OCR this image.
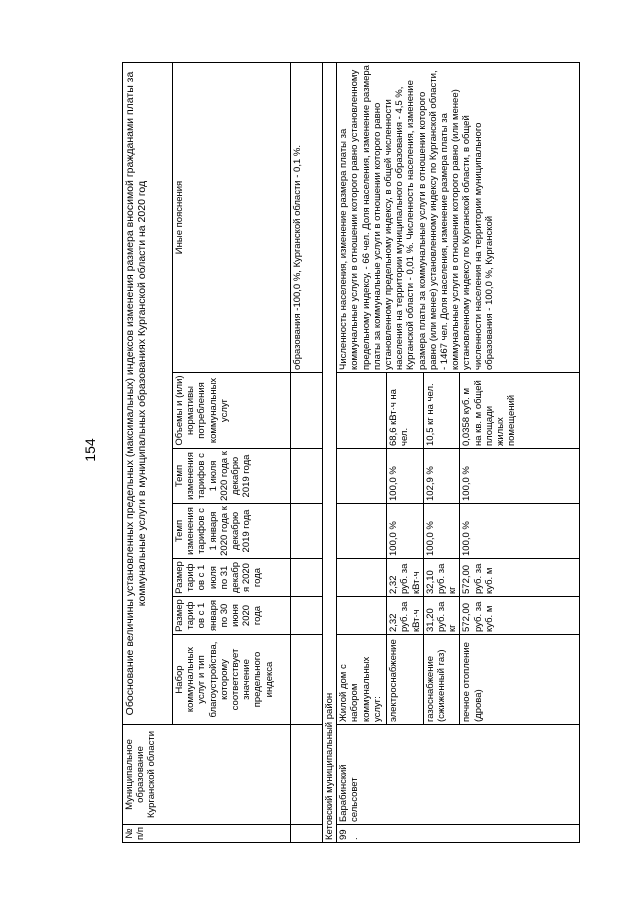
154
№ п/п	Муниципальное образование Курганской области	Обоснование величины установленных предельных (максимальных) индексов изменения размера вносимой гражданами платы за коммунальные услуги в муниципальных образованиях Курганской области на 2020 год						
		Набор коммунальных услуг и тип благоустройства, которому соответствует значение предельного индекса	Размер тарифов с 1 января по 30 июня 2020 года	Размер тарифов с 1 июля по 31 декабря 2020 года	Темп изменения тарифов с 1 января 2020 года к декабрю 2019 года	Темп изменения тарифов с 1 июля 2020 года к декабрю 2019 года	Объемы и (или) нормативы потребления коммунальных услуг	Иные пояснения
								образования -100,0 %, Курганской области - 0,1 %.
Кетовский муниципальный район								
99.	Барабинский сельсовет	Жилой дом с набором коммунальных услуг:						Численность населения, изменение размера платы за коммунальные услуги в отношении которого равно установленному предельному индексу, - 66 чел. Доля населения, изменение размера платы за коммунальные услуги в отношении которого равно установленному предельному индексу, в общей численности населения на территории муниципального образования - 4,5 %, Курганской области - 0,01 %. Численность населения, изменение размера платы за коммунальные услуги в отношении которого равно (или менее) установленному индексу по Курганской области, - 1467 чел. Доля населения, изменение размера платы за коммунальные услуги в отношении которого равно (или менее) установленному индексу по Курганской области, в общей численности населения на территории муниципального образования - 100,0 %, Курганской
		электроснабжение	2,32 руб. за кВт·ч	2,32 руб. за кВт·ч	100,0 %	100,0 %	68,6 кВт·ч на чел.	
		газоснабжение (сжиженный газ)	31,20 руб. за кг	32,10 руб. за кг	100,0 %	102,9 %	10,5 кг на чел.	
		печное отопление (дрова)	572,00 руб. за куб. м	572,00 руб. за куб. м	100,0 %	100,0 %	0,0358 куб. м на кв. м общей площади жилых помещений	
